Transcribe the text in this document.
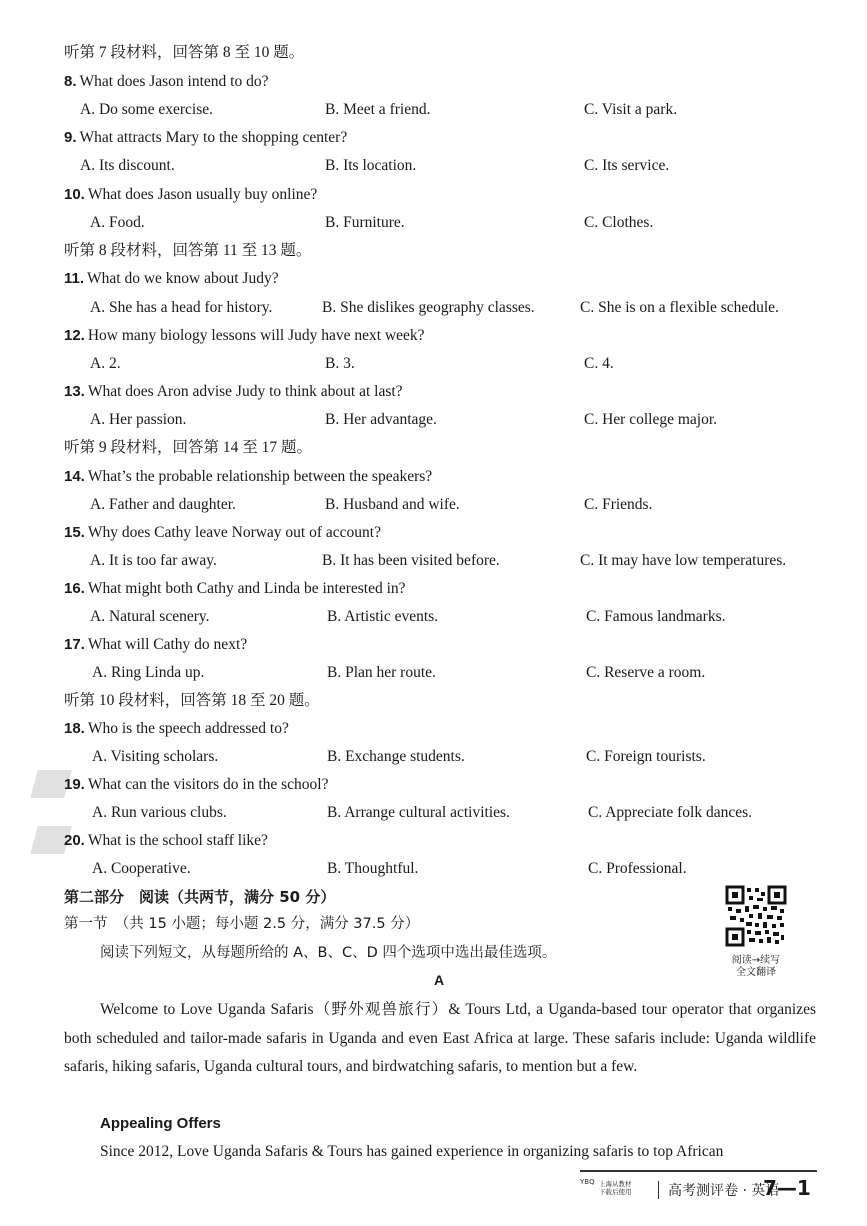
听第 7 段材料，回答第 8 至 10 题。
8. What does Jason intend to do?
A. Do some exercise.	B. Meet a friend.	C. Visit a park.
9. What attracts Mary to the shopping center?
A. Its discount.	B. Its location.	C. Its service.
10. What does Jason usually buy online?
A. Food.	B. Furniture.	C. Clothes.
听第 8 段材料，回答第 11 至 13 题。
11. What do we know about Judy?
A. She has a head for history.	B. She dislikes geography classes.	C. She is on a flexible schedule.
12. How many biology lessons will Judy have next week?
A. 2.	B. 3.	C. 4.
13. What does Aron advise Judy to think about at last?
A. Her passion.	B. Her advantage.	C. Her college major.
听第 9 段材料，回答第 14 至 17 题。
14. What’s the probable relationship between the speakers?
A. Father and daughter.	B. Husband and wife.	C. Friends.
15. Why does Cathy leave Norway out of account?
A. It is too far away.	B. It has been visited before.	C. It may have low temperatures.
16. What might both Cathy and Linda be interested in?
A. Natural scenery.	B. Artistic events.	C. Famous landmarks.
17. What will Cathy do next?
A. Ring Linda up.	B. Plan her route.	C. Reserve a room.
听第 10 段材料，回答第 18 至 20 题。
18. Who is the speech addressed to?
A. Visiting scholars.	B. Exchange students.	C. Foreign tourists.
19. What can the visitors do in the school?
A. Run various clubs.	B. Arrange cultural activities.	C. Appreciate folk dances.
20. What is the school staff like?
A. Cooperative.	B. Thoughtful.	C. Professional.
第二部分　阅读（共两节，满分 50 分）
第一节　（共 15 小题；每小题 2.5 分，满分 37.5 分）
阅读下列短文，从每题所给的 A、B、C、D 四个选项中选出最佳选项。
A
阅读→续写
全文翻译
Welcome to Love Uganda Safaris（野外观兽旅行）& Tours Ltd, a Uganda-based tour operator that organizes both scheduled and tailor-made safaris in Uganda and even East Africa at large. These safaris include: Uganda wildlife safaris, hiking safaris, Uganda cultural tours, and birdwatching safaris, to mention but a few.
Appealing Offers
Since 2012, Love Uganda Safaris & Tours has gained experience in organizing safaris to top African
YBQ 上海从教材
下载后使用	高考测评卷 · 英语
7—1
